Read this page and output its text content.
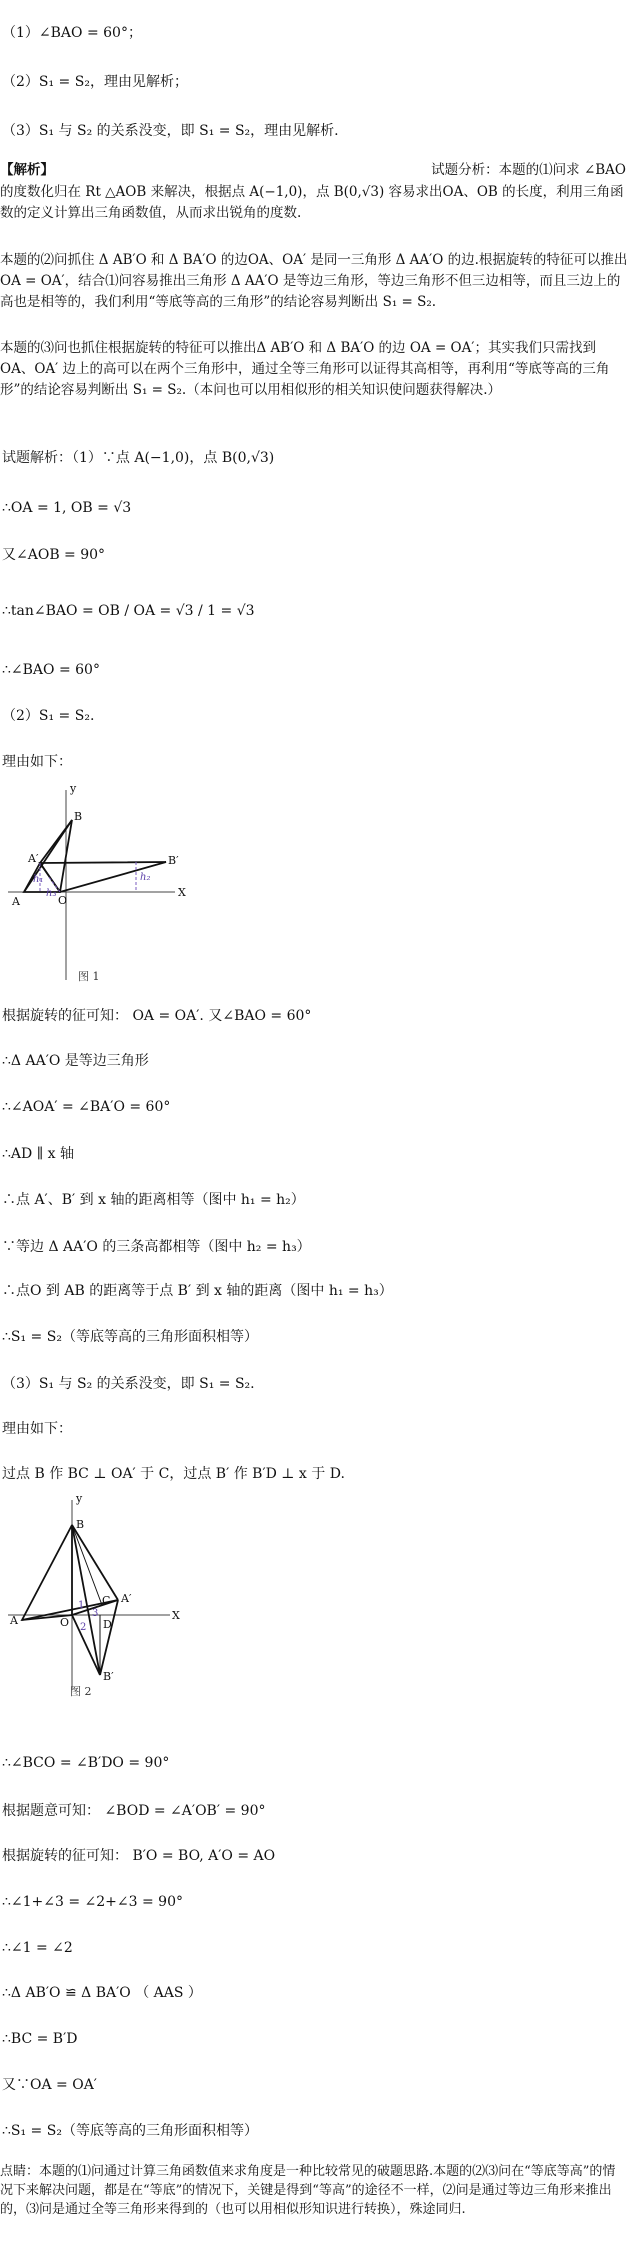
（1）∠BAO = 60°；
（2）S₁ = S₂，理由见解析；
（3）S₁ 与 S₂ 的关系没变，即 S₁ = S₂，理由见解析.
【解析】	试题分析：本题的⑴问求 ∠BAO
的度数化归在 Rt △AOB 来解决，根据点 A(−1,0)，点 B(0,√3) 容易求出OA、OB 的长度，利用三角函数的定义计算出三角函数值，从而求出锐角的度数.
本题的⑵问抓住 Δ AB′O 和 Δ BA′O 的边OA、OA′ 是同一三角形 Δ AA′O 的边.根据旋转的特征可以推出OA = OA′，结合⑴问容易推出三角形 Δ AA′O 是等边三角形，等边三角形不但三边相等，而且三边上的高也是相等的，我们利用“等底等高的三角形”的结论容易判断出 S₁ = S₂.
本题的⑶问也抓住根据旋转的特征可以推出Δ AB′O 和 Δ BA′O 的边 OA = OA′；其实我们只需找到OA、OA′ 边上的高可以在两个三角形中，通过全等三角形可以证得其高相等，再利用“等底等高的三角形”的结论容易判断出 S₁ = S₂.（本问也可以用相似形的相关知识使问题获得解决.）
试题解析：（1）∵点 A(−1,0)，点 B(0,√3)
∴OA = 1, OB = √3
又∠AOB = 90°
∴tan∠BAO = OB / OA = √3 / 1 = √3
∴∠BAO = 60°
（2）S₁ = S₂.
理由如下：
y
X
B
A	O
A′	B′
h₁
h₃
h₂
图 1
根据旋转的征可知： OA = OA′. 又∠BAO = 60°
∴Δ AA′O 是等边三角形
∴∠AOA′ = ∠BA′O = 60°
∴AD ∥ x 轴
∴点 A′、B′ 到 x 轴的距离相等（图中 h₁ = h₂）
∵等边 Δ AA′O 的三条高都相等（图中 h₂ = h₃）
∴点O 到 AB 的距离等于点 B′ 到 x 轴的距离（图中 h₁ = h₃）
∴S₁ = S₂（等底等高的三角形面积相等）
（3）S₁ 与 S₂ 的关系没变，即 S₁ = S₂.
理由如下：
过点 B 作 BC ⊥ OA′ 于 C，过点 B′ 作 B′D ⊥ x 于 D.
y
X
B
A	O
A′
B′
C
D
1
2
3
图 2
∴∠BCO = ∠B′DO = 90°
根据题意可知： ∠BOD = ∠A′OB′ = 90°
根据旋转的征可知： B′O = BO, A′O = AO
∴∠1+∠3 = ∠2+∠3 = 90°
∴∠1 = ∠2
∴Δ AB′O ≌ Δ BA′O （ AAS ）
∴BC = B′D
又∵OA = OA′
∴S₁ = S₂（等底等高的三角形面积相等）
点睛：本题的⑴问通过计算三角函数值来求角度是一种比较常见的破题思路.本题的⑵⑶问在“等底等高”的情况下来解决问题，都是在“等底”的情况下，关键是得到“等高”的途径不一样，⑵问是通过等边三角形来推出的，⑶问是通过全等三角形来得到的（也可以用相似形知识进行转换），殊途同归.
